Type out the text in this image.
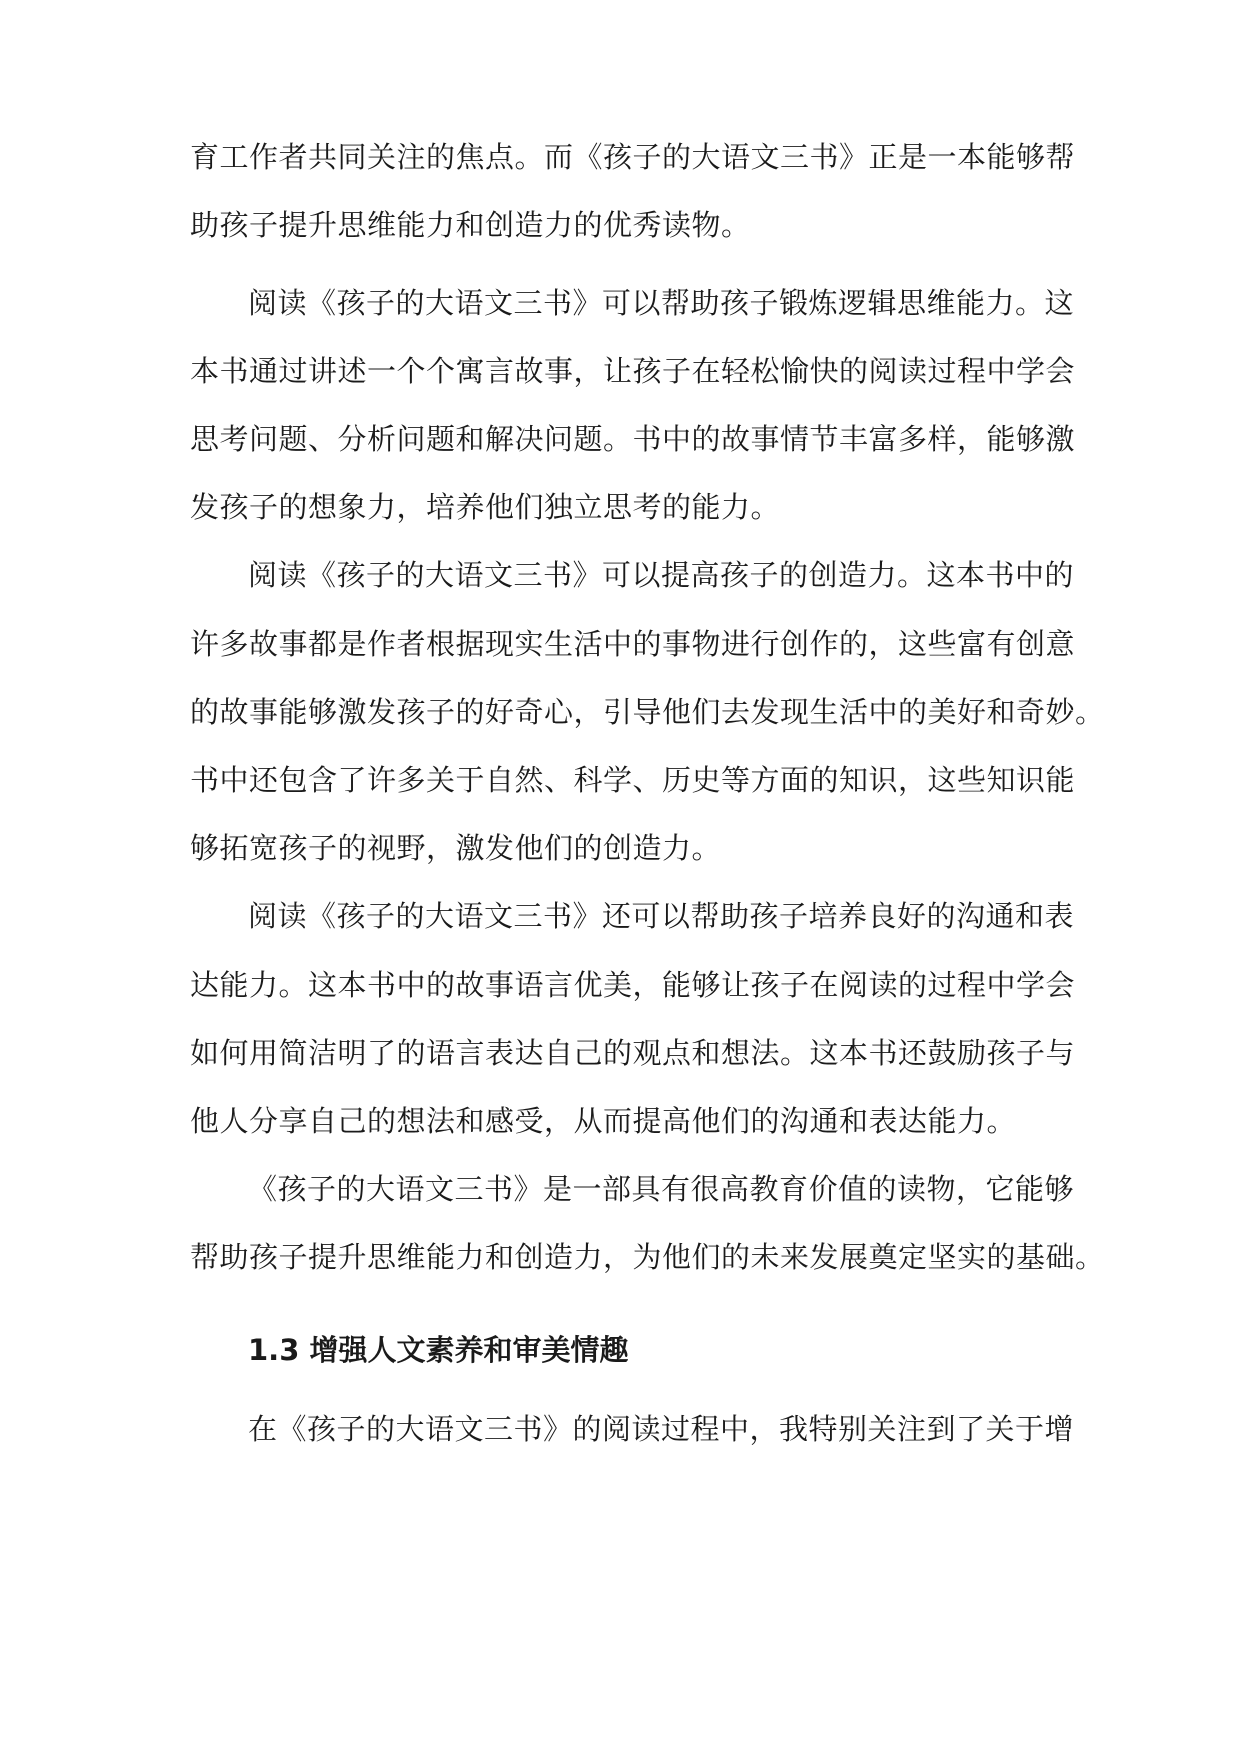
育工作者共同关注的焦点。而《孩子的大语文三书》正是一本能够帮
助孩子提升思维能力和创造力的优秀读物。
阅读《孩子的大语文三书》可以帮助孩子锻炼逻辑思维能力。这
本书通过讲述一个个寓言故事，让孩子在轻松愉快的阅读过程中学会
思考问题、分析问题和解决问题。书中的故事情节丰富多样，能够激
发孩子的想象力，培养他们独立思考的能力。
阅读《孩子的大语文三书》可以提高孩子的创造力。这本书中的
许多故事都是作者根据现实生活中的事物进行创作的，这些富有创意
的故事能够激发孩子的好奇心，引导他们去发现生活中的美好和奇妙。
书中还包含了许多关于自然、科学、历史等方面的知识，这些知识能
够拓宽孩子的视野，激发他们的创造力。
阅读《孩子的大语文三书》还可以帮助孩子培养良好的沟通和表
达能力。这本书中的故事语言优美，能够让孩子在阅读的过程中学会
如何用简洁明了的语言表达自己的观点和想法。这本书还鼓励孩子与
他人分享自己的想法和感受，从而提高他们的沟通和表达能力。
《孩子的大语文三书》是一部具有很高教育价值的读物，它能够
帮助孩子提升思维能力和创造力，为他们的未来发展奠定坚实的基础。
1.3 增强人文素养和审美情趣
在《孩子的大语文三书》的阅读过程中，我特别关注到了关于增
